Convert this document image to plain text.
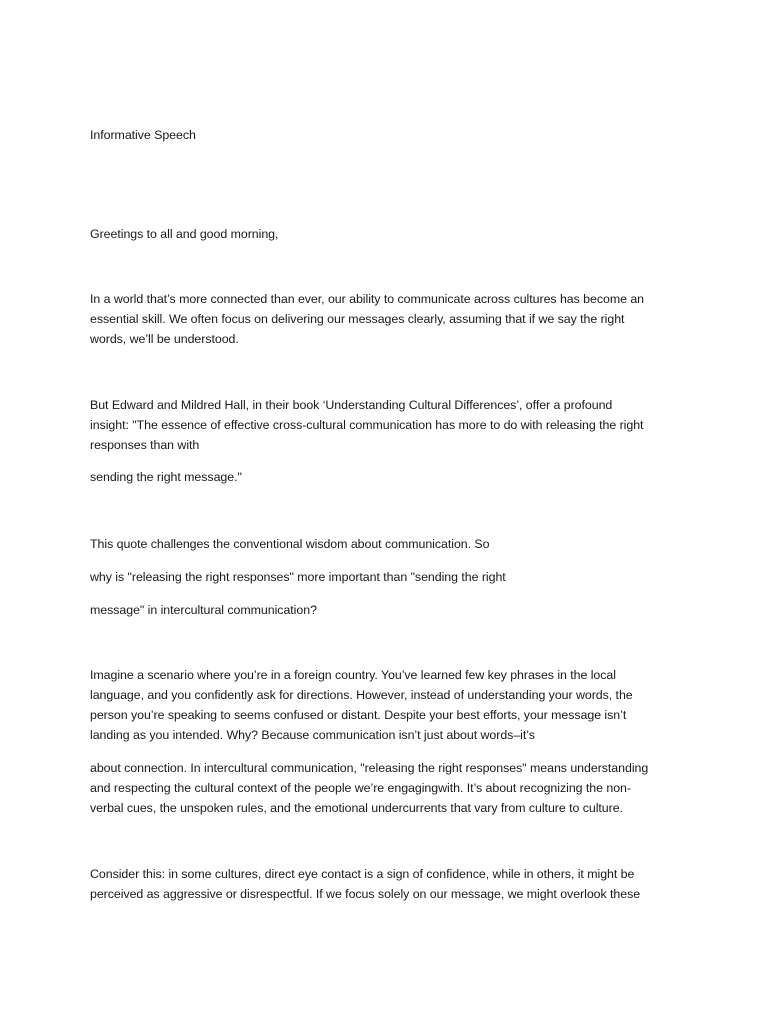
Informative Speech

Greetings to all and good morning,

In a world that’s more connected than ever, our ability to communicate across cultures has become an
essential skill. We often focus on delivering our messages clearly, assuming that if we say the right
words, we’ll be understood.

But Edward and Mildred Hall, in their book ‘Understanding Cultural Differences’, offer a profound
insight: "The essence of effective cross-cultural communication has more to do with releasing the right
responses than with

sending the right message."

This quote challenges the conventional wisdom about communication. So

why is "releasing the right responses" more important than "sending the right

message" in intercultural communication?

Imagine a scenario where you’re in a foreign country. You’ve learned few key phrases in the local
language, and you confidently ask for directions. However, instead of understanding your words, the
person you’re speaking to seems confused or distant. Despite your best efforts, your message isn’t
landing as you intended. Why? Because communication isn’t just about words–it’s

about connection. In intercultural communication, "releasing the right responses" means understanding
and respecting the cultural context of the people we’re engagingwith. It’s about recognizing the non-
verbal cues, the unspoken rules, and the emotional undercurrents that vary from culture to culture.

Consider this: in some cultures, direct eye contact is a sign of confidence, while in others, it might be
perceived as aggressive or disrespectful. If we focus solely on our message, we might overlook these
